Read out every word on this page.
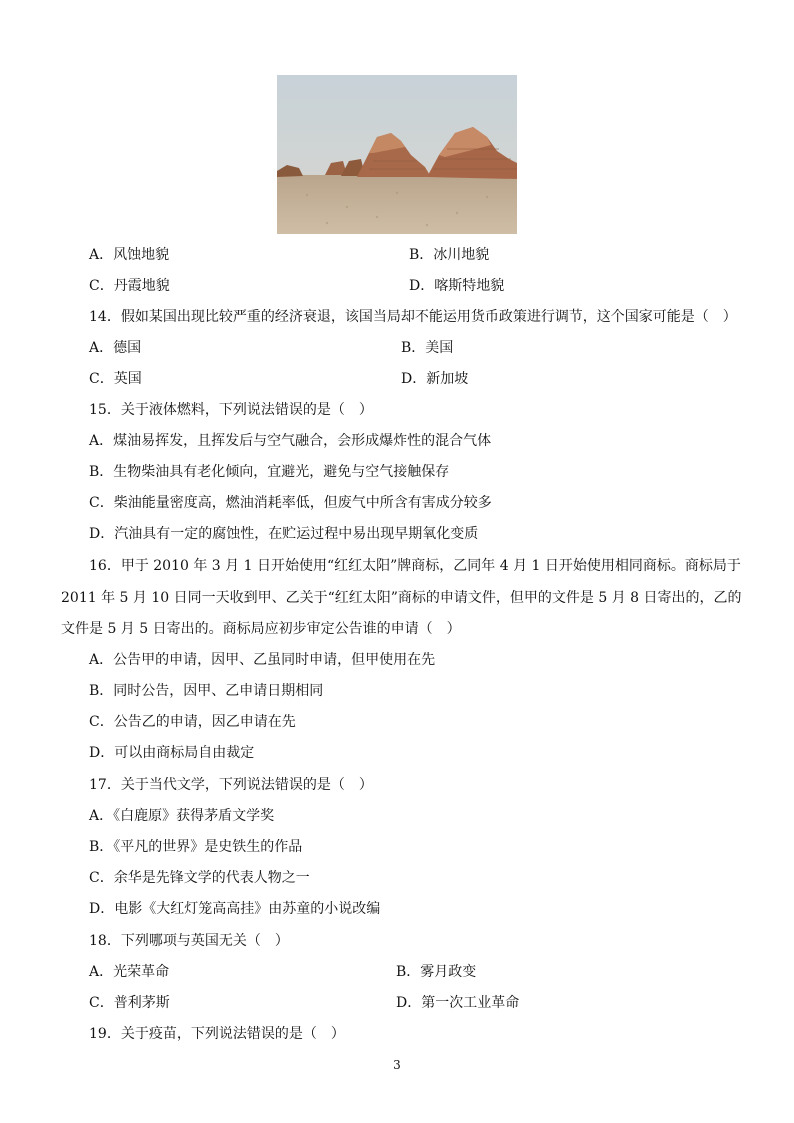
A．风蚀地貌	B．冰川地貌
C．丹霞地貌	D．喀斯特地貌
14．假如某国出现比较严重的经济衰退，该国当局却不能运用货币政策进行调节，这个国家可能是（　）
A．德国	B．美国
C．英国	D．新加坡
15．关于液体燃料，下列说法错误的是（　）
A．煤油易挥发，且挥发后与空气融合，会形成爆炸性的混合气体
B．生物柴油具有老化倾向，宜避光，避免与空气接触保存
C．柴油能量密度高，燃油消耗率低，但废气中所含有害成分较多
D．汽油具有一定的腐蚀性，在贮运过程中易出现早期氧化变质
16．甲于 2010 年 3 月 1 日开始使用“红红太阳”牌商标，乙同年 4 月 1 日开始使用相同商标。商标局于
2011 年 5 月 10 日同一天收到甲、乙关于“红红太阳”商标的申请文件，但甲的文件是 5 月 8 日寄出的，乙的
文件是 5 月 5 日寄出的。商标局应初步审定公告谁的申请（　）
A．公告甲的申请，因甲、乙虽同时申请，但甲使用在先
B．同时公告，因甲、乙申请日期相同
C．公告乙的申请，因乙申请在先
D．可以由商标局自由裁定
17．关于当代文学，下列说法错误的是（　）
A．《白鹿原》获得茅盾文学奖
B．《平凡的世界》是史铁生的作品
C．余华是先锋文学的代表人物之一
D．电影《大红灯笼高高挂》由苏童的小说改编
18．下列哪项与英国无关（　）
A．光荣革命	B．雾月政变
C．普利茅斯	D．第一次工业革命
19．关于疫苗，下列说法错误的是（　）
3
